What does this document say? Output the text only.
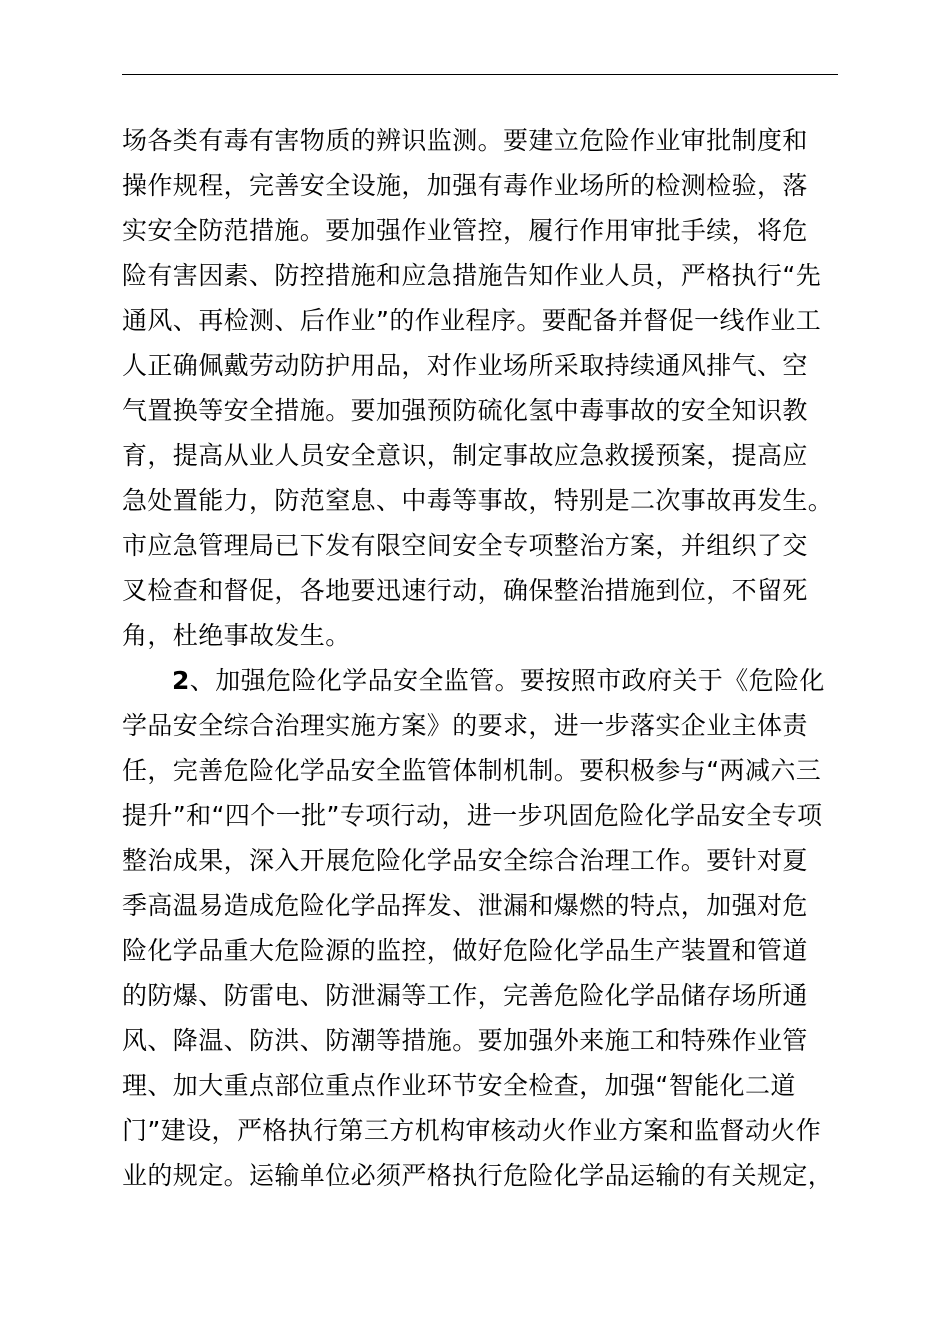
场各类有毒有害物质的辨识监测。要建立危险作业审批制度和
操作规程，完善安全设施，加强有毒作业场所的检测检验，落
实安全防范措施。要加强作业管控，履行作用审批手续，将危
险有害因素、防控措施和应急措施告知作业人员，严格执行“先
通风、再检测、后作业”的作业程序。要配备并督促一线作业工
人正确佩戴劳动防护用品，对作业场所采取持续通风排气、空
气置换等安全措施。要加强预防硫化氢中毒事故的安全知识教
育，提高从业人员安全意识，制定事故应急救援预案，提高应
急处置能力，防范窒息、中毒等事故，特别是二次事故再发生。
市应急管理局已下发有限空间安全专项整治方案，并组织了交
叉检查和督促，各地要迅速行动，确保整治措施到位，不留死
角，杜绝事故发生。
2、加强危险化学品安全监管。要按照市政府关于《危险化
学品安全综合治理实施方案》的要求，进一步落实企业主体责
任，完善危险化学品安全监管体制机制。要积极参与“两减六三
提升”和“四个一批”专项行动，进一步巩固危险化学品安全专项
整治成果，深入开展危险化学品安全综合治理工作。要针对夏
季高温易造成危险化学品挥发、泄漏和爆燃的特点，加强对危
险化学品重大危险源的监控，做好危险化学品生产装置和管道
的防爆、防雷电、防泄漏等工作，完善危险化学品储存场所通
风、降温、防洪、防潮等措施。要加强外来施工和特殊作业管
理、加大重点部位重点作业环节安全检查，加强“智能化二道
门”建设，严格执行第三方机构审核动火作业方案和监督动火作
业的规定。运输单位必须严格执行危险化学品运输的有关规定，
